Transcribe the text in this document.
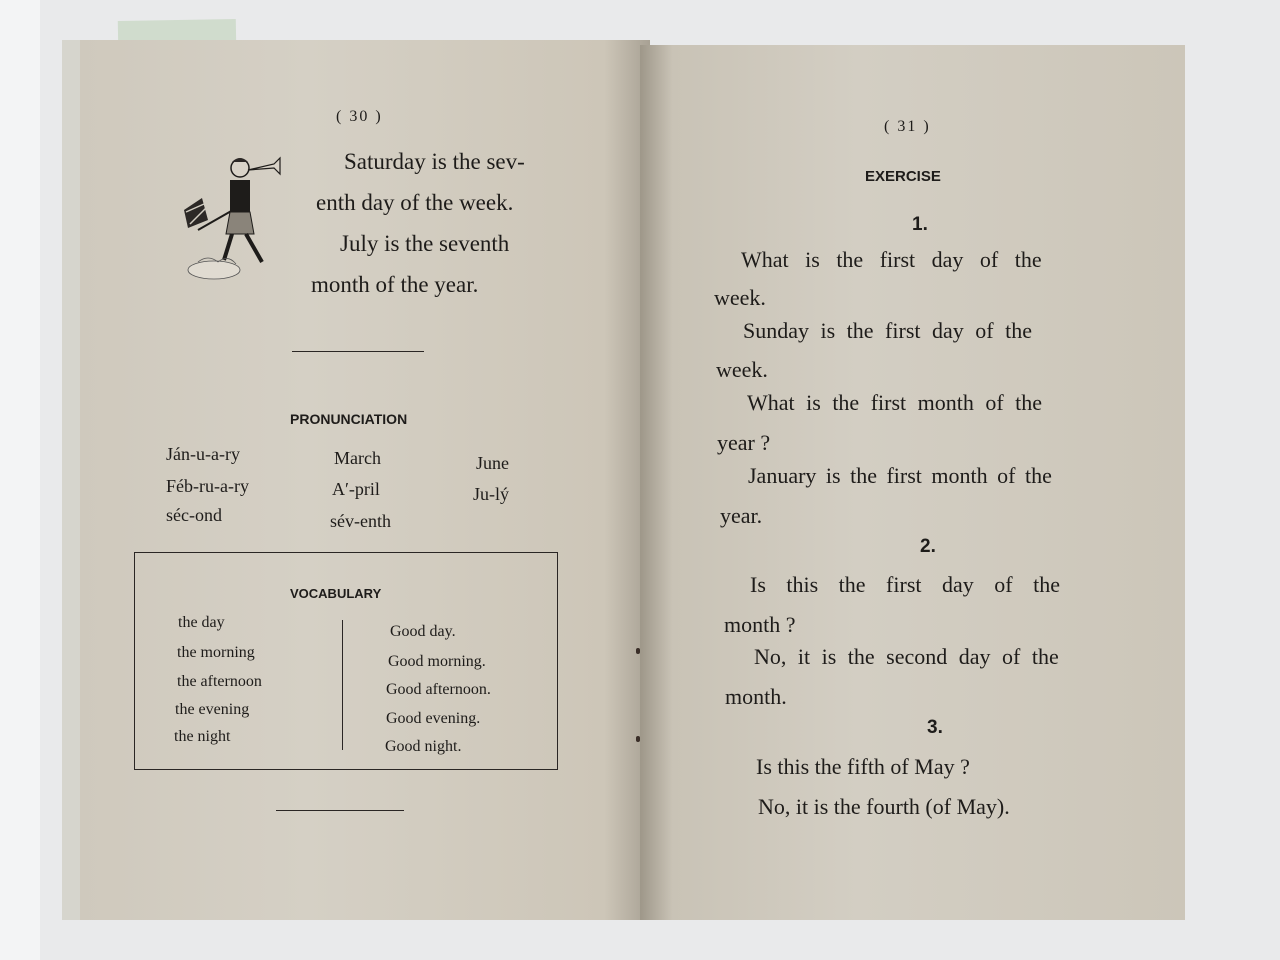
( 30 )
Saturday is the sev-
enth day of the week.
July is the seventh
month of the year.
PRONUNCIATION
Ján-u-a-ry
Féb-ru-a-ry
séc-ond
March
A′-pril
sév-enth
June
Ju-lý
VOCABULARY
the day
the morning
the afternoon
the evening
the night
Good day.
Good morning.
Good afternoon.
Good evening.
Good night.
( 31 )
EXERCISE
1.
What is the first day of the
week.
Sunday is the first day of the
week.
What is the first month of the
year ?
January is the first month of the
year.
2.
Is this the first day of the
month ?
No, it is the second day of the
month.
3.
Is this the fifth of May ?
No, it is the fourth (of May).
